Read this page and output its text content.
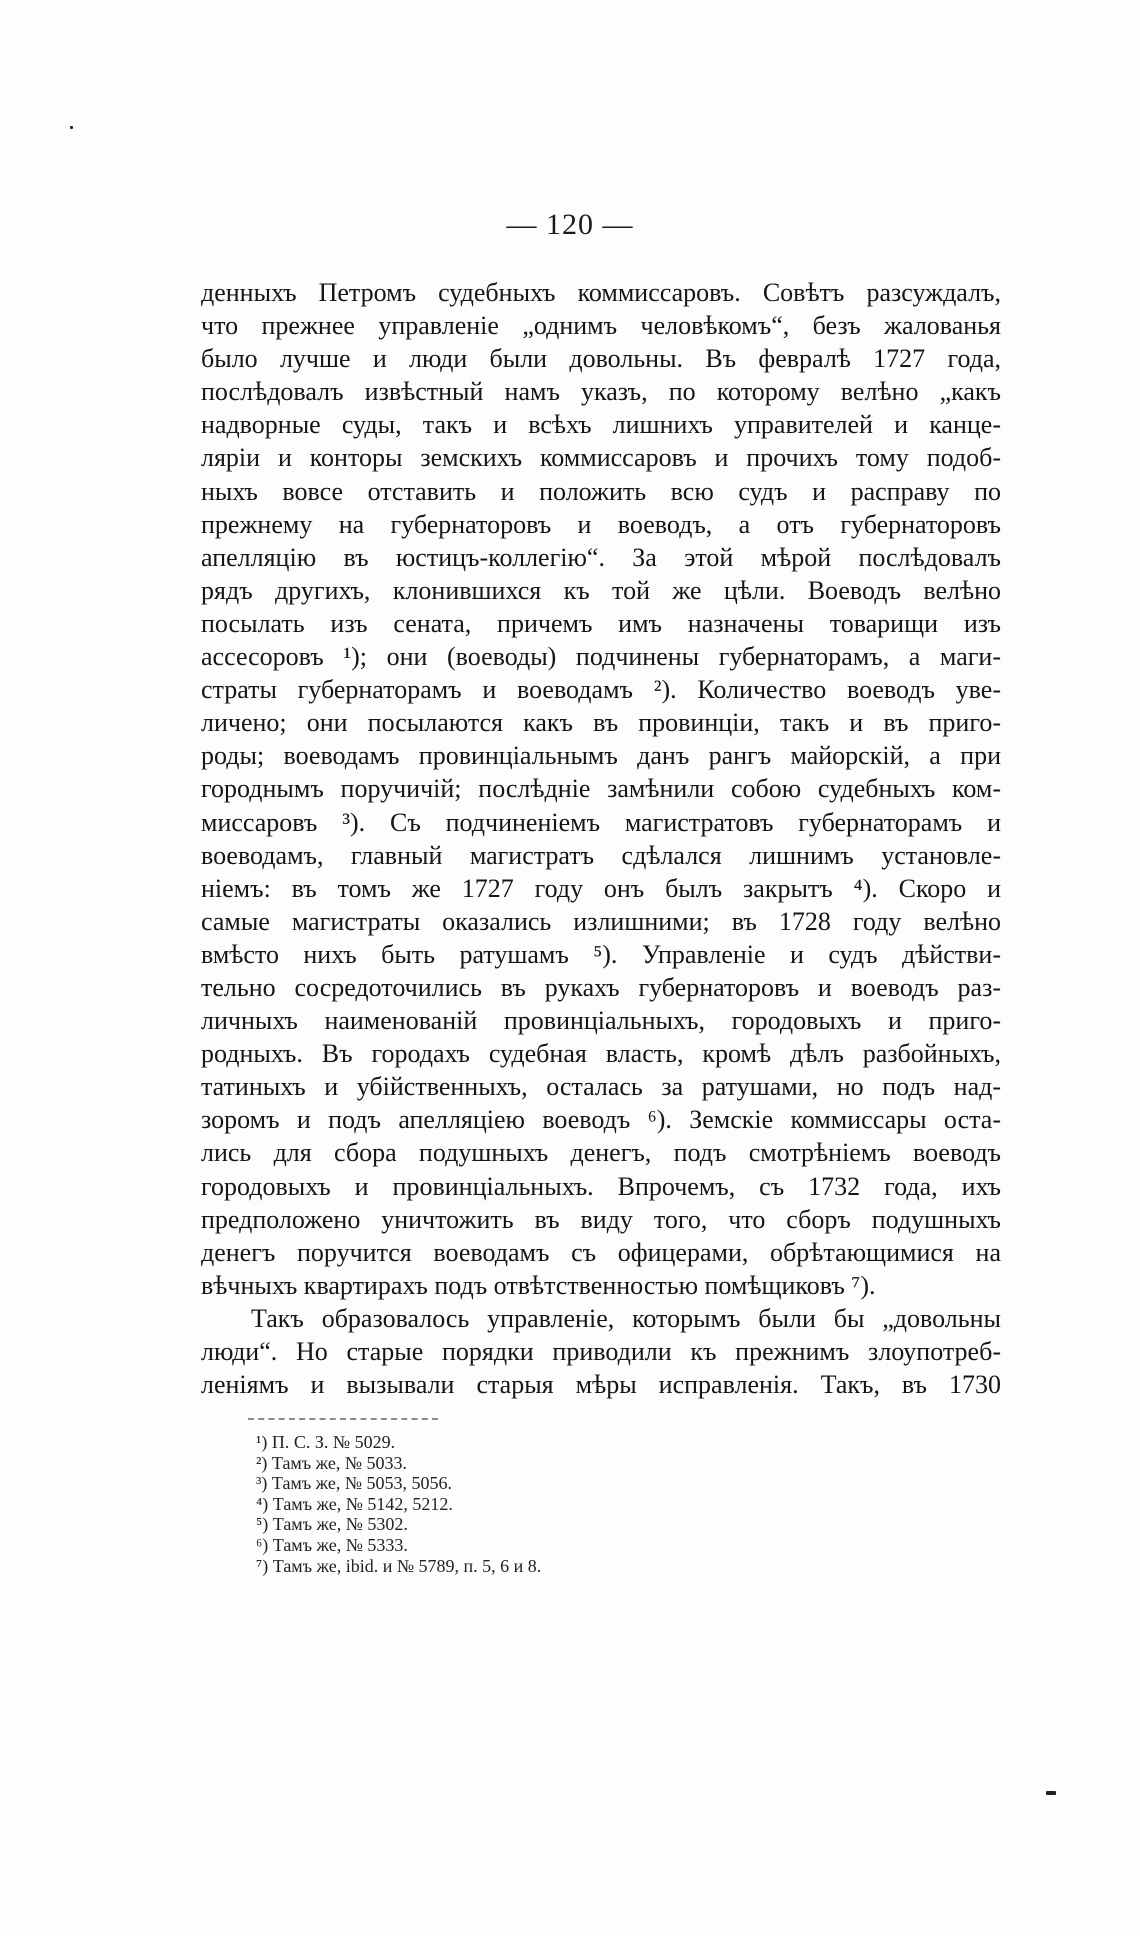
— 120 —
денныхъ Петромъ судебныхъ коммиссаровъ. Совѣтъ разсуждалъ,
что прежнее управленіе „однимъ человѣкомъ“, безъ жалованья
было лучше и люди были довольны. Въ февралѣ 1727 года,
послѣдовалъ извѣстный намъ указъ, по которому велѣно „какъ
надворные суды, такъ и всѣхъ лишнихъ управителей и канцe-
ляріи и конторы земскихъ коммиссаровъ и прочихъ тому подоб-
ныхъ вовсе отставить и положить всю судъ и расправу по
прежнему на губернаторовъ и воеводъ, а отъ губернаторовъ
апелляцію въ юстицъ-коллегію“. За этой мѣрой послѣдовалъ
рядъ другихъ, клонившихся къ той же цѣли. Воеводъ велѣно
посылать изъ сената, причемъ имъ назначены товарищи изъ
ассесоровъ ¹); они (воеводы) подчинены губернаторамъ, а маги-
страты губернаторамъ и воеводамъ ²). Количество воеводъ уве-
личено; они посылаются какъ въ провинціи, такъ и въ приго-
роды; воеводамъ провинціальнымъ данъ рангъ майорскій, а при
городнымъ поручичій; послѣдніе замѣнили собою судебныхъ ком-
миссаровъ ³). Съ подчиненіемъ магистратовъ губернаторамъ и
воеводамъ, главный магистратъ сдѣлался лишнимъ установле-
ніемъ: въ томъ же 1727 году онъ былъ закрытъ ⁴). Скоро и
самые магистраты оказались излишними; въ 1728 году велѣно
вмѣсто нихъ быть ратушамъ ⁵). Управленіе и судъ дѣйстви-
тельно сосредоточились въ рукахъ губернаторовъ и воеводъ раз-
личныхъ наименованій провинціальныхъ, городовыхъ и приго-
родныхъ. Въ городахъ судебная власть, кромѣ дѣлъ разбойныхъ,
татиныхъ и убійственныхъ, осталась за ратушами, но подъ над-
зоромъ и подъ апелляціею воеводъ ⁶). Земскіе коммиссары оста-
лись для сбора подушныхъ денегъ, подъ смотрѣніемъ воеводъ
городовыхъ и провинціальныхъ. Впрочемъ, съ 1732 года, ихъ
предположено уничтожить въ виду того, что сборъ подушныхъ
денегъ поручится воеводамъ съ офицерами, обрѣтающимися на
вѣчныхъ квартирахъ подъ отвѣтственностью помѣщиковъ ⁷).
Такъ образовалось управленіе, которымъ были бы „довольны
люди“. Но старые порядки приводили къ прежнимъ злоупотреб-
леніямъ и вызывали старыя мѣры исправленія. Такъ, въ 1730
¹) П. С. З. № 5029.
²) Тамъ же, № 5033.
³) Тамъ же, № 5053, 5056.
⁴) Тамъ же, № 5142, 5212.
⁵) Тамъ же, № 5302.
⁶) Тамъ же, № 5333.
⁷) Тамъ же, ibid. и № 5789, п. 5, 6 и 8.
